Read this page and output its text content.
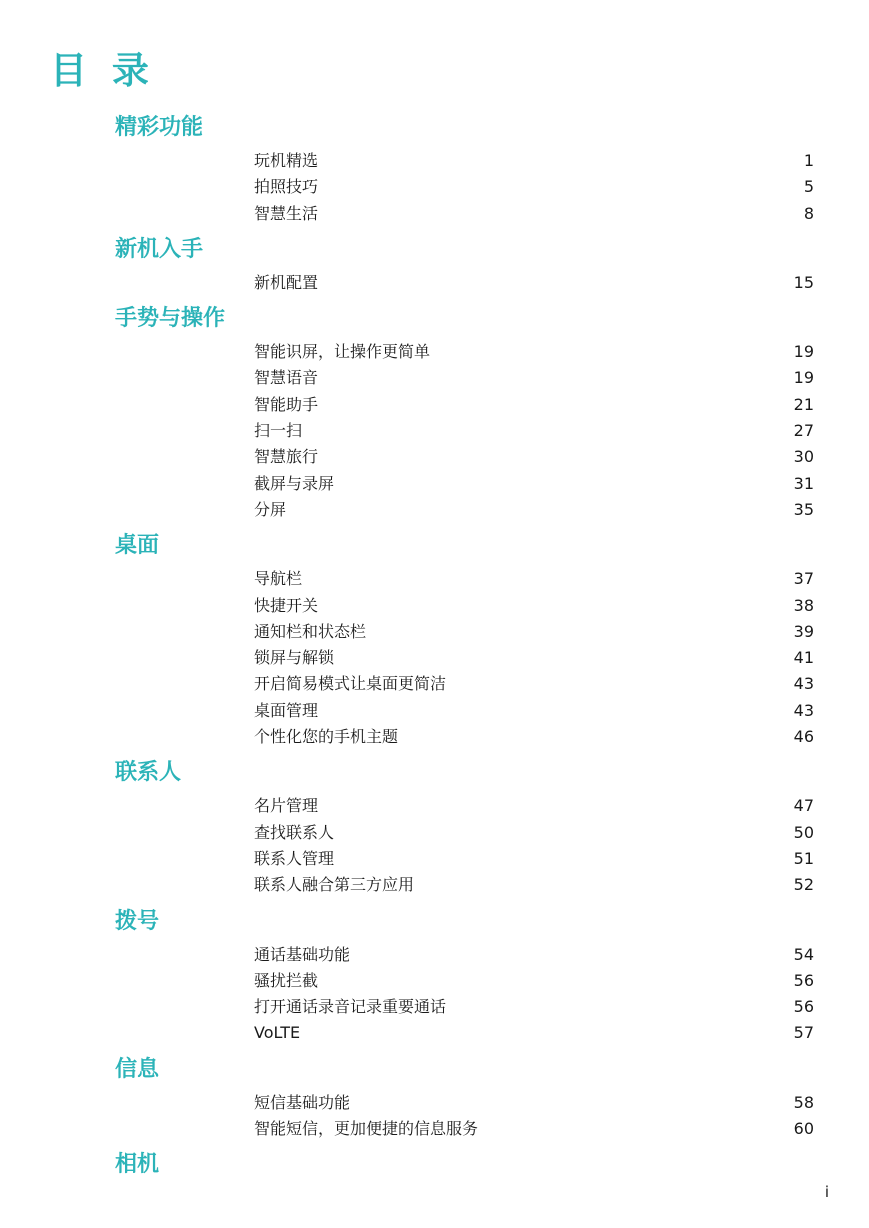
目 录
精彩功能
玩机精选	1
拍照技巧	5
智慧生活	8
新机入手
新机配置	15
手势与操作
智能识屏，让操作更简单	19
智慧语音	19
智能助手	21
扫一扫	27
智慧旅行	30
截屏与录屏	31
分屏	35
桌面
导航栏	37
快捷开关	38
通知栏和状态栏	39
锁屏与解锁	41
开启简易模式让桌面更简洁	43
桌面管理	43
个性化您的手机主题	46
联系人
名片管理	47
查找联系人	50
联系人管理	51
联系人融合第三方应用	52
拨号
通话基础功能	54
骚扰拦截	56
打开通话录音记录重要通话	56
VoLTE	57
信息
短信基础功能	58
智能短信，更加便捷的信息服务	60
相机
i
